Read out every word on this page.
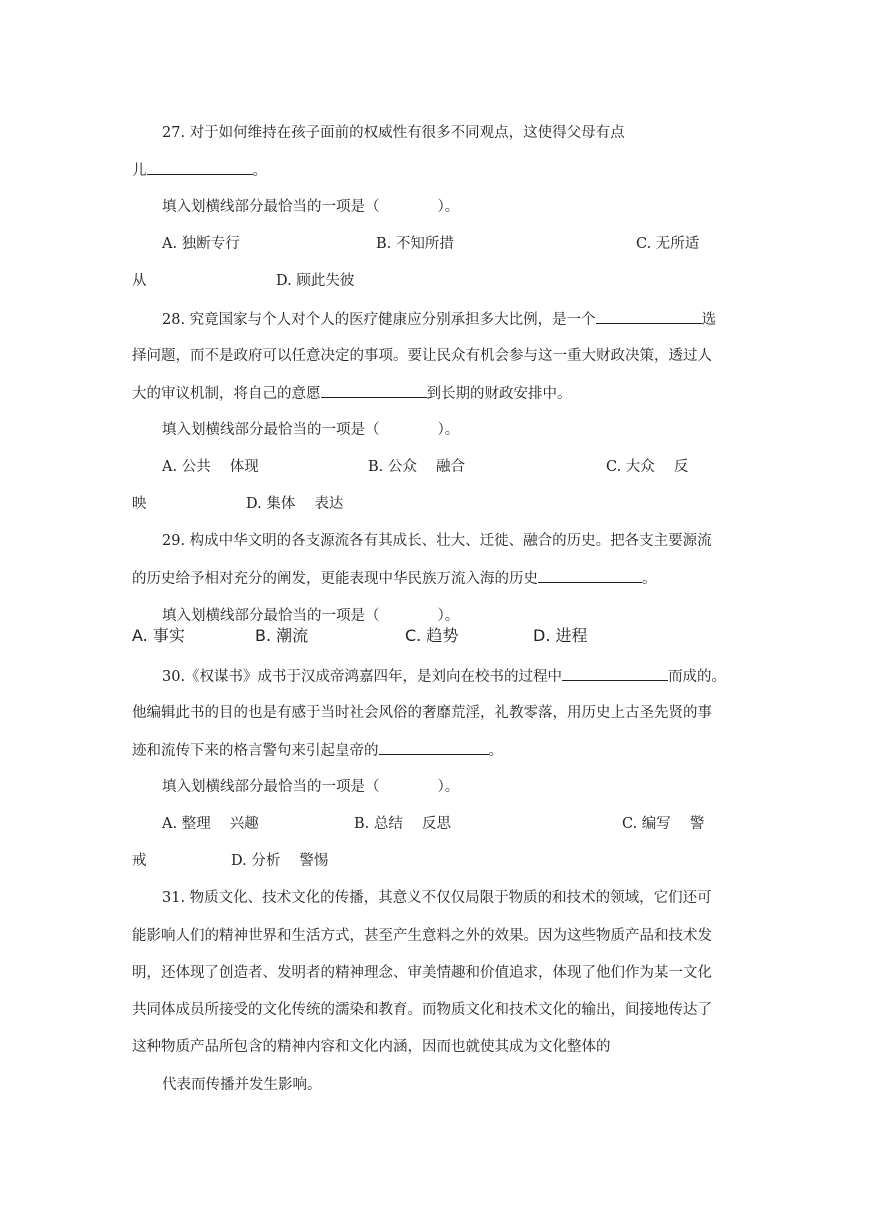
27. 对于如何维持在孩子面前的权威性有很多不同观点，这使得父母有点
儿	。
填入划横线部分最恰当的一项是（　　　　）。
A. 独断专行	B. 不知所措	C. 无所适
从	D. 顾此失彼
28. 究竟国家与个人对个人的医疗健康应分别承担多大比例，是一个	选
择问题，而不是政府可以任意决定的事项。要让民众有机会参与这一重大财政决策，透过人
大的审议机制，将自己的意愿	到长期的财政安排中。
填入划横线部分最恰当的一项是（　　　　）。
A. 公共　 体现	B. 公众　 融合	C. 大众　 反
映	D. 集体　 表达
29. 构成中华文明的各支源流各有其成长、壮大、迁徙、融合的历史。把各支主要源流
的历史给予相对充分的阐发，更能表现中华民族万流入海的历史	。
填入划横线部分最恰当的一项是（　　　　）。
A. 事实	B. 潮流	C. 趋势	D. 进程
30.《权谋书》成书于汉成帝鸿嘉四年，是刘向在校书的过程中	而成的。
他编辑此书的目的也是有感于当时社会风俗的奢靡荒淫，礼教零落，用历史上古圣先贤的事
迹和流传下来的格言警句来引起皇帝的	。
填入划横线部分最恰当的一项是（　　　　）。
A. 整理　 兴趣	B. 总结　 反思	C. 编写　 警
戒	D. 分析　 警惕
31. 物质文化、技术文化的传播，其意义不仅仅局限于物质的和技术的领域，它们还可
能影响人们的精神世界和生活方式，甚至产生意料之外的效果。因为这些物质产品和技术发
明，还体现了创造者、发明者的精神理念、审美情趣和价值追求，体现了他们作为某一文化
共同体成员所接受的文化传统的濡染和教育。而物质文化和技术文化的输出，间接地传达了
这种物质产品所包含的精神内容和文化内涵，因而也就使其成为文化整体的
代表而传播并发生影响。
